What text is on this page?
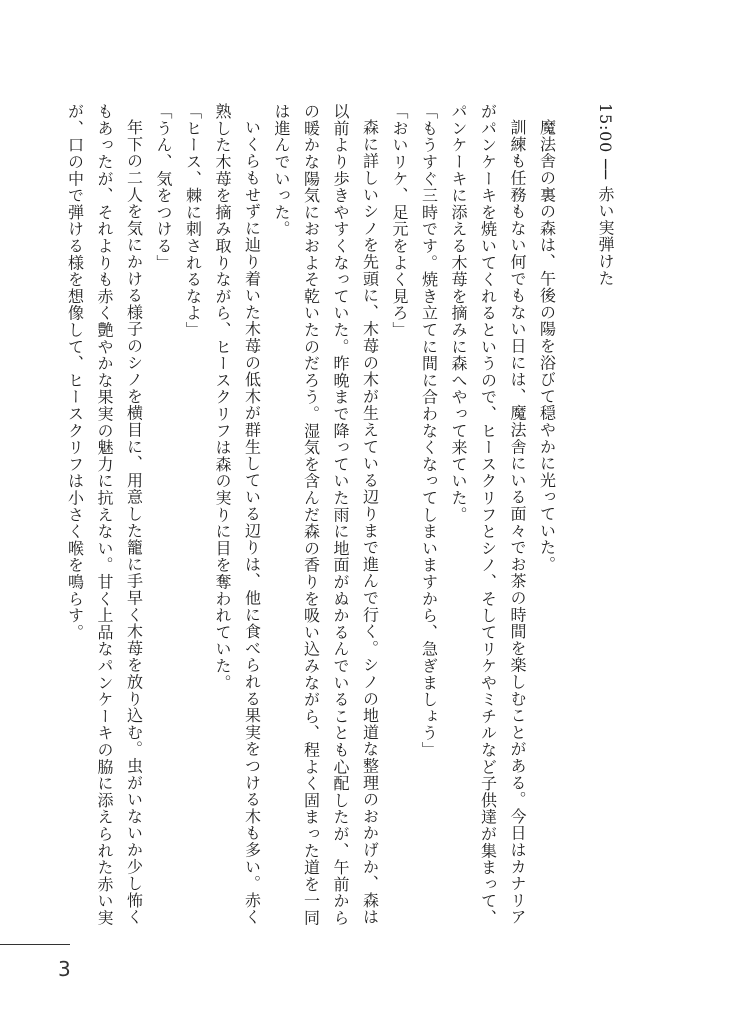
15:00 ── 赤い実弾けた
魔法舎の裏の森は、午後の陽を浴びて穏やかに光っていた。
訓練も任務もない何でもない日には、魔法舎にいる面々でお茶の時間を楽しむことがある。今日はカナリアがパンケーキを焼いてくれるというので、ヒースクリフとシノ、そしてリケやミチルなど子供達が集まって、パンケーキに添える木苺を摘みに森へやって来ていた。
「もうすぐ三時です。焼き立てに間に合わなくなってしまいますから、急ぎましょう」
「おいリケ、足元をよく見ろ」
森に詳しいシノを先頭に、木苺の木が生えている辺りまで進んで行く。シノの地道な整理のおかげか、森は以前より歩きやすくなっていた。昨晩まで降っていた雨に地面がぬかるんでいることも心配したが、午前からの暖かな陽気におおよそ乾いたのだろう。湿気を含んだ森の香りを吸い込みながら、程よく固まった道を一同は進んでいった。
いくらもせずに辿り着いた木苺の低木が群生している辺りは、他に食べられる果実をつける木も多い。赤く熟した木苺を摘み取りながら、ヒースクリフは森の実りに目を奪われていた。
「ヒース、棘に刺されるなよ」
「うん、気をつける」
年下の二人を気にかける様子のシノを横目に、用意した籠に手早く木苺を放り込む。虫がいないか少し怖くもあったが、それよりも赤く艶やかな果実の魅力に抗えない。甘く上品なパンケーキの脇に添えられた赤い実が、口の中で弾ける様を想像して、ヒースクリフは小さく喉を鳴らす。
3
